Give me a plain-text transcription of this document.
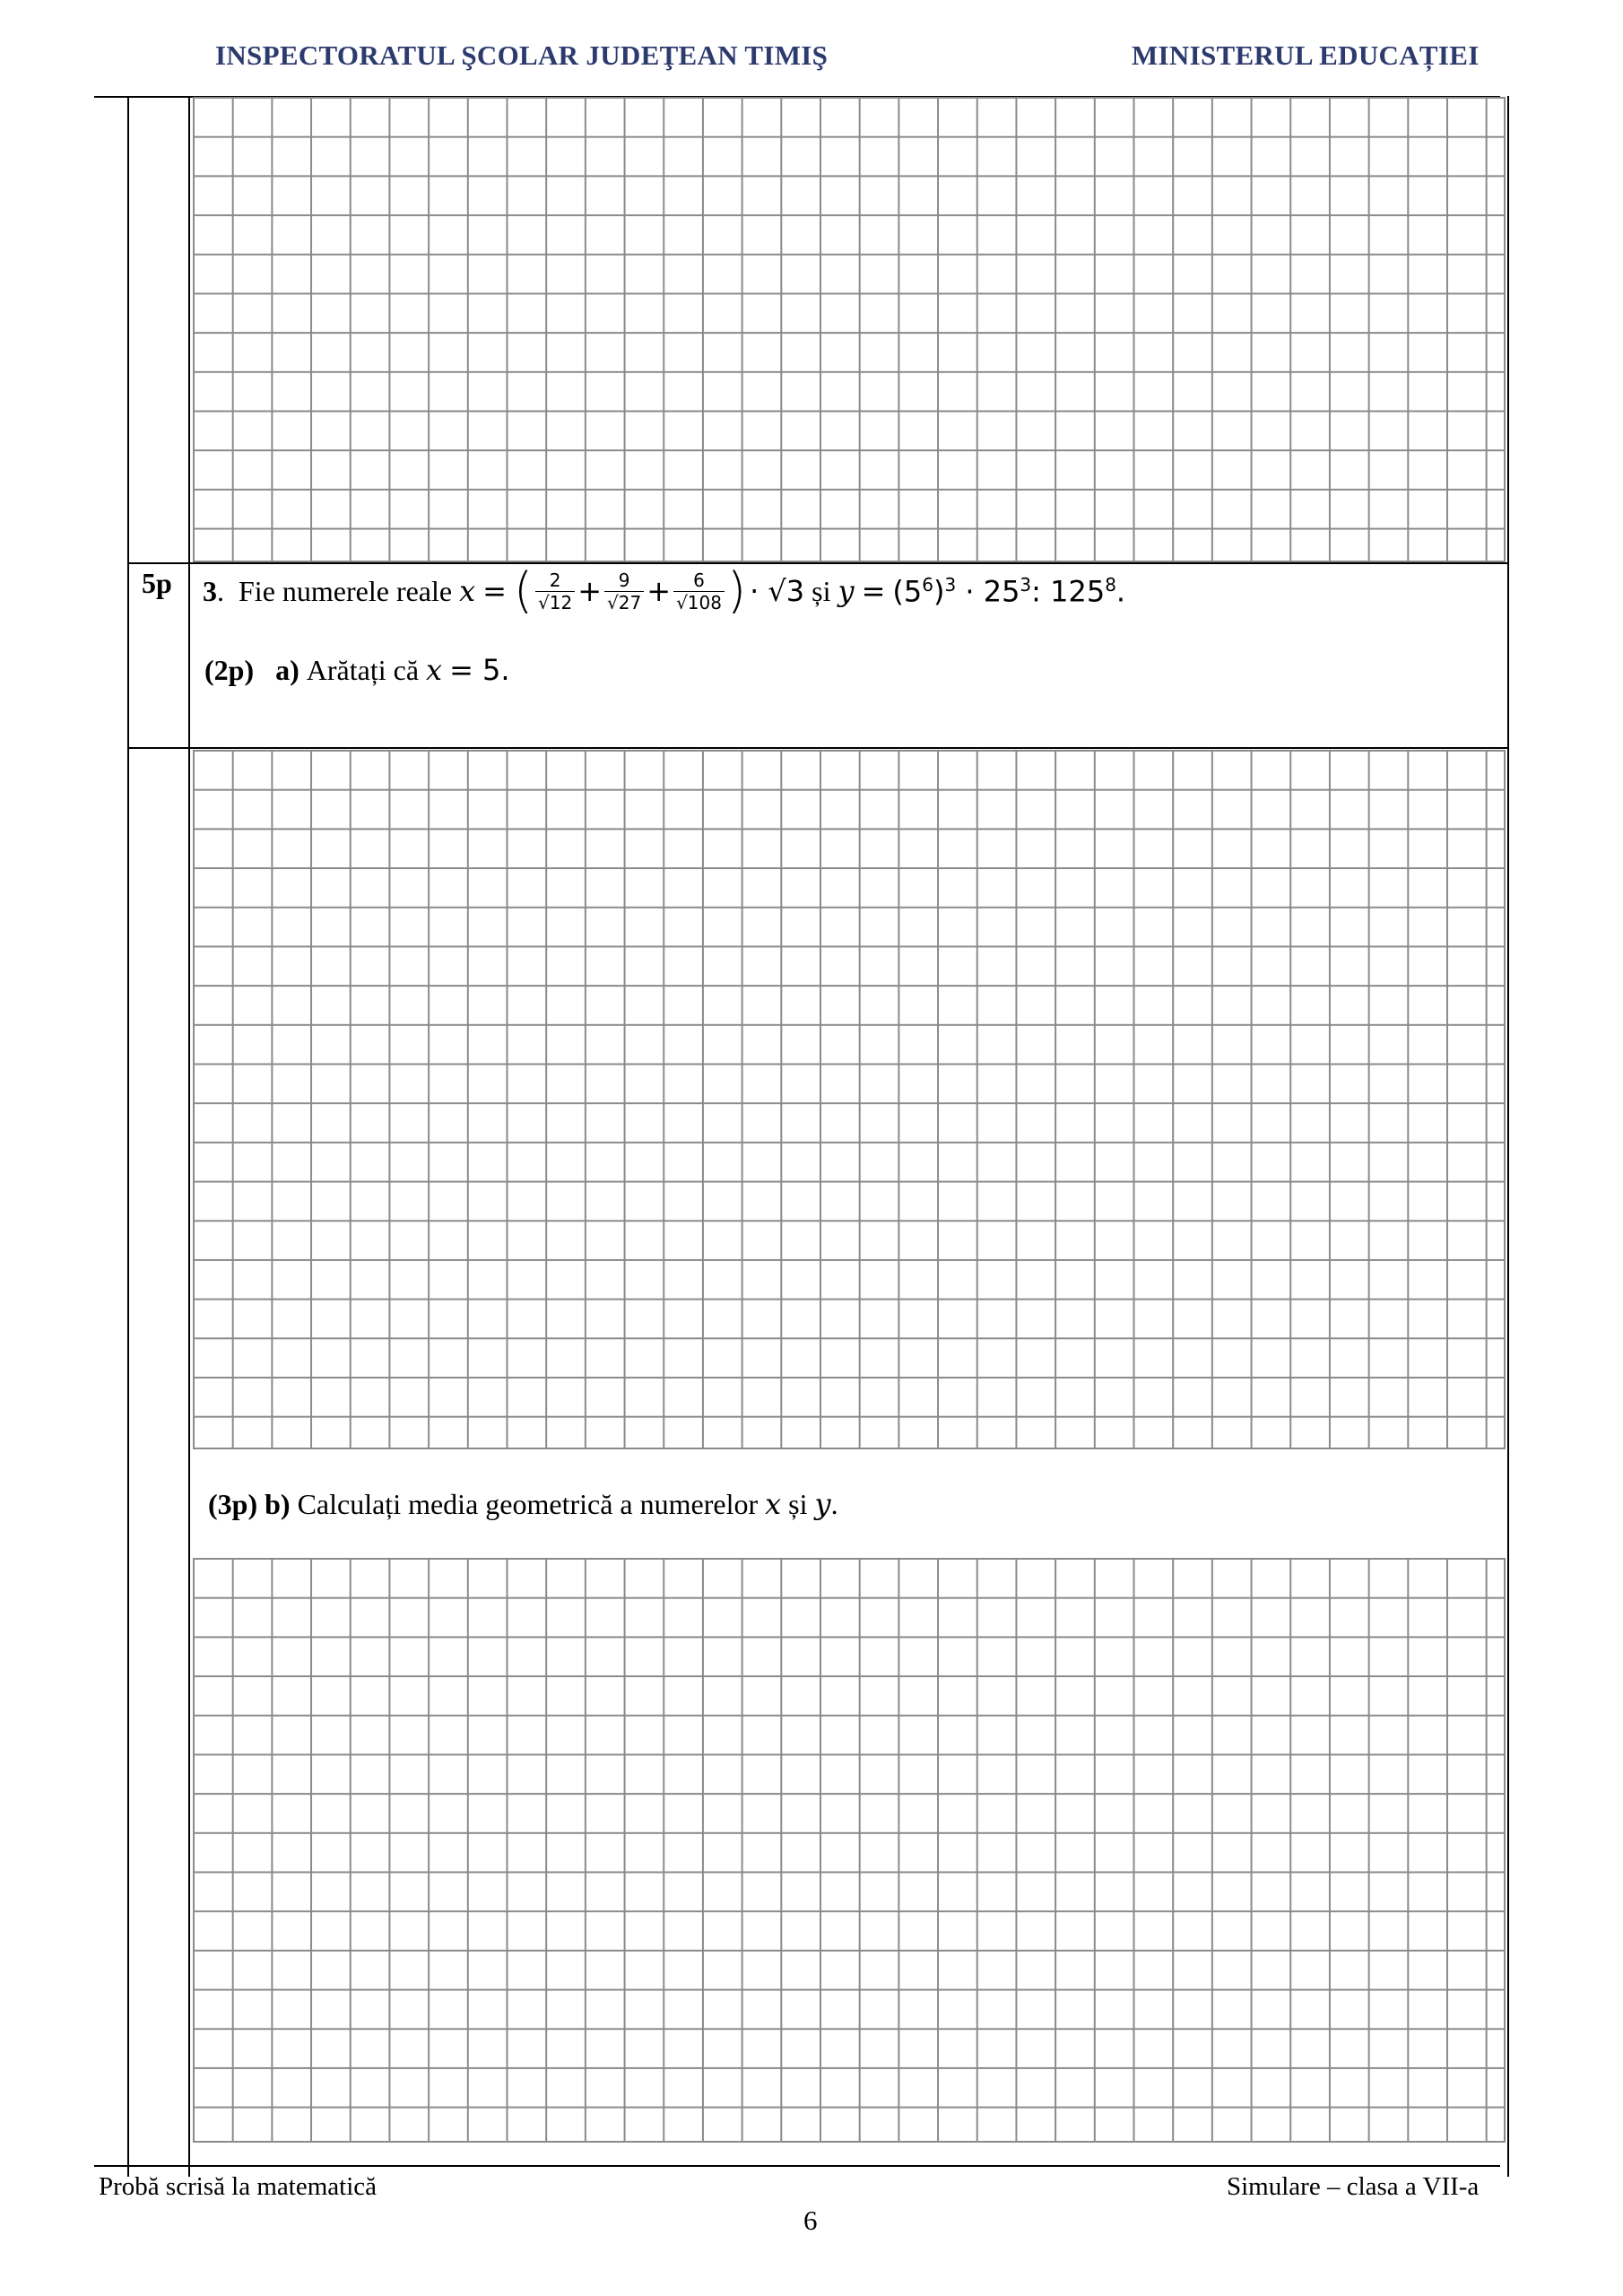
INSPECTORATUL ŞCOLAR JUDEŢEAN TIMIŞ	MINISTERUL EDUCAȚIEI
5p 3 . Fie numerele reale
x = ( $\frac{2}{√12} + \frac{9}{√27} + \frac{6}{√108}$ ) · √3 și
$y = (5^6)^3 \cdot 25^3$: $125^8$.
(2p) a) Arătați că x = 5.
(3p) b) Calculați media geometrică a numerelor x și y.
Probă scrisă la matematică	Simulare – clasa a VII-a
6
